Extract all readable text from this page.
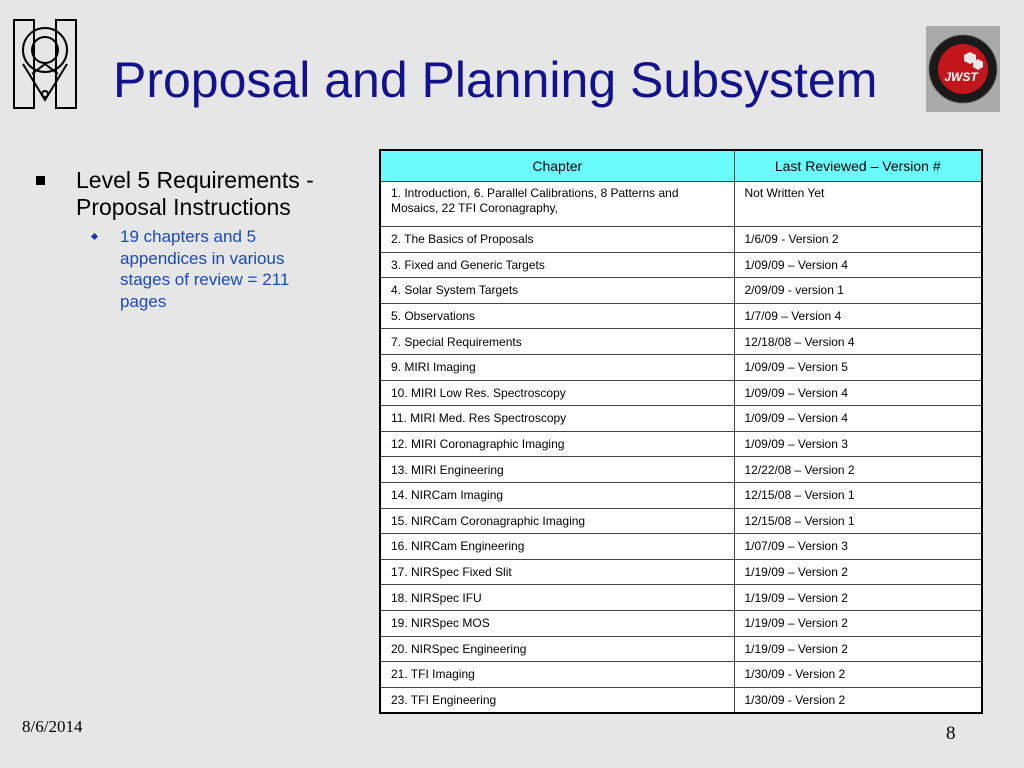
JWST
Proposal and Planning Subsystem
Level 5 Requirements - Proposal Instructions
19 chapters and 5 appendices in various stages of review = 211 pages
Chapter	Last Reviewed – Version #
1. Introduction, 6. Parallel Calibrations, 8 Patterns and Mosaics, 22 TFI Coronagraphy,	Not Written Yet
2. The Basics of Proposals	1/6/09 - Version 2
3. Fixed and Generic Targets	1/09/09 – Version 4
4. Solar System Targets	2/09/09 - version 1
5. Observations	1/7/09 – Version 4
7. Special Requirements	12/18/08 – Version 4
9. MIRI Imaging	1/09/09 – Version 5
10. MIRI Low Res. Spectroscopy	1/09/09 – Version 4
11. MIRI Med. Res Spectroscopy	1/09/09 – Version 4
12. MIRI Coronagraphic Imaging	1/09/09 – Version 3
13. MIRI Engineering	12/22/08 – Version 2
14. NIRCam Imaging	12/15/08 – Version 1
15. NIRCam Coronagraphic Imaging	12/15/08 – Version 1
16. NIRCam Engineering	1/07/09 – Version 3
17. NIRSpec Fixed Slit	1/19/09 – Version 2
18. NIRSpec IFU	1/19/09 – Version 2
19. NIRSpec MOS	1/19/09 – Version 2
20. NIRSpec Engineering	1/19/09 – Version 2
21. TFI Imaging	1/30/09 - Version 2
23. TFI Engineering	1/30/09 - Version 2
8/6/2014	8
